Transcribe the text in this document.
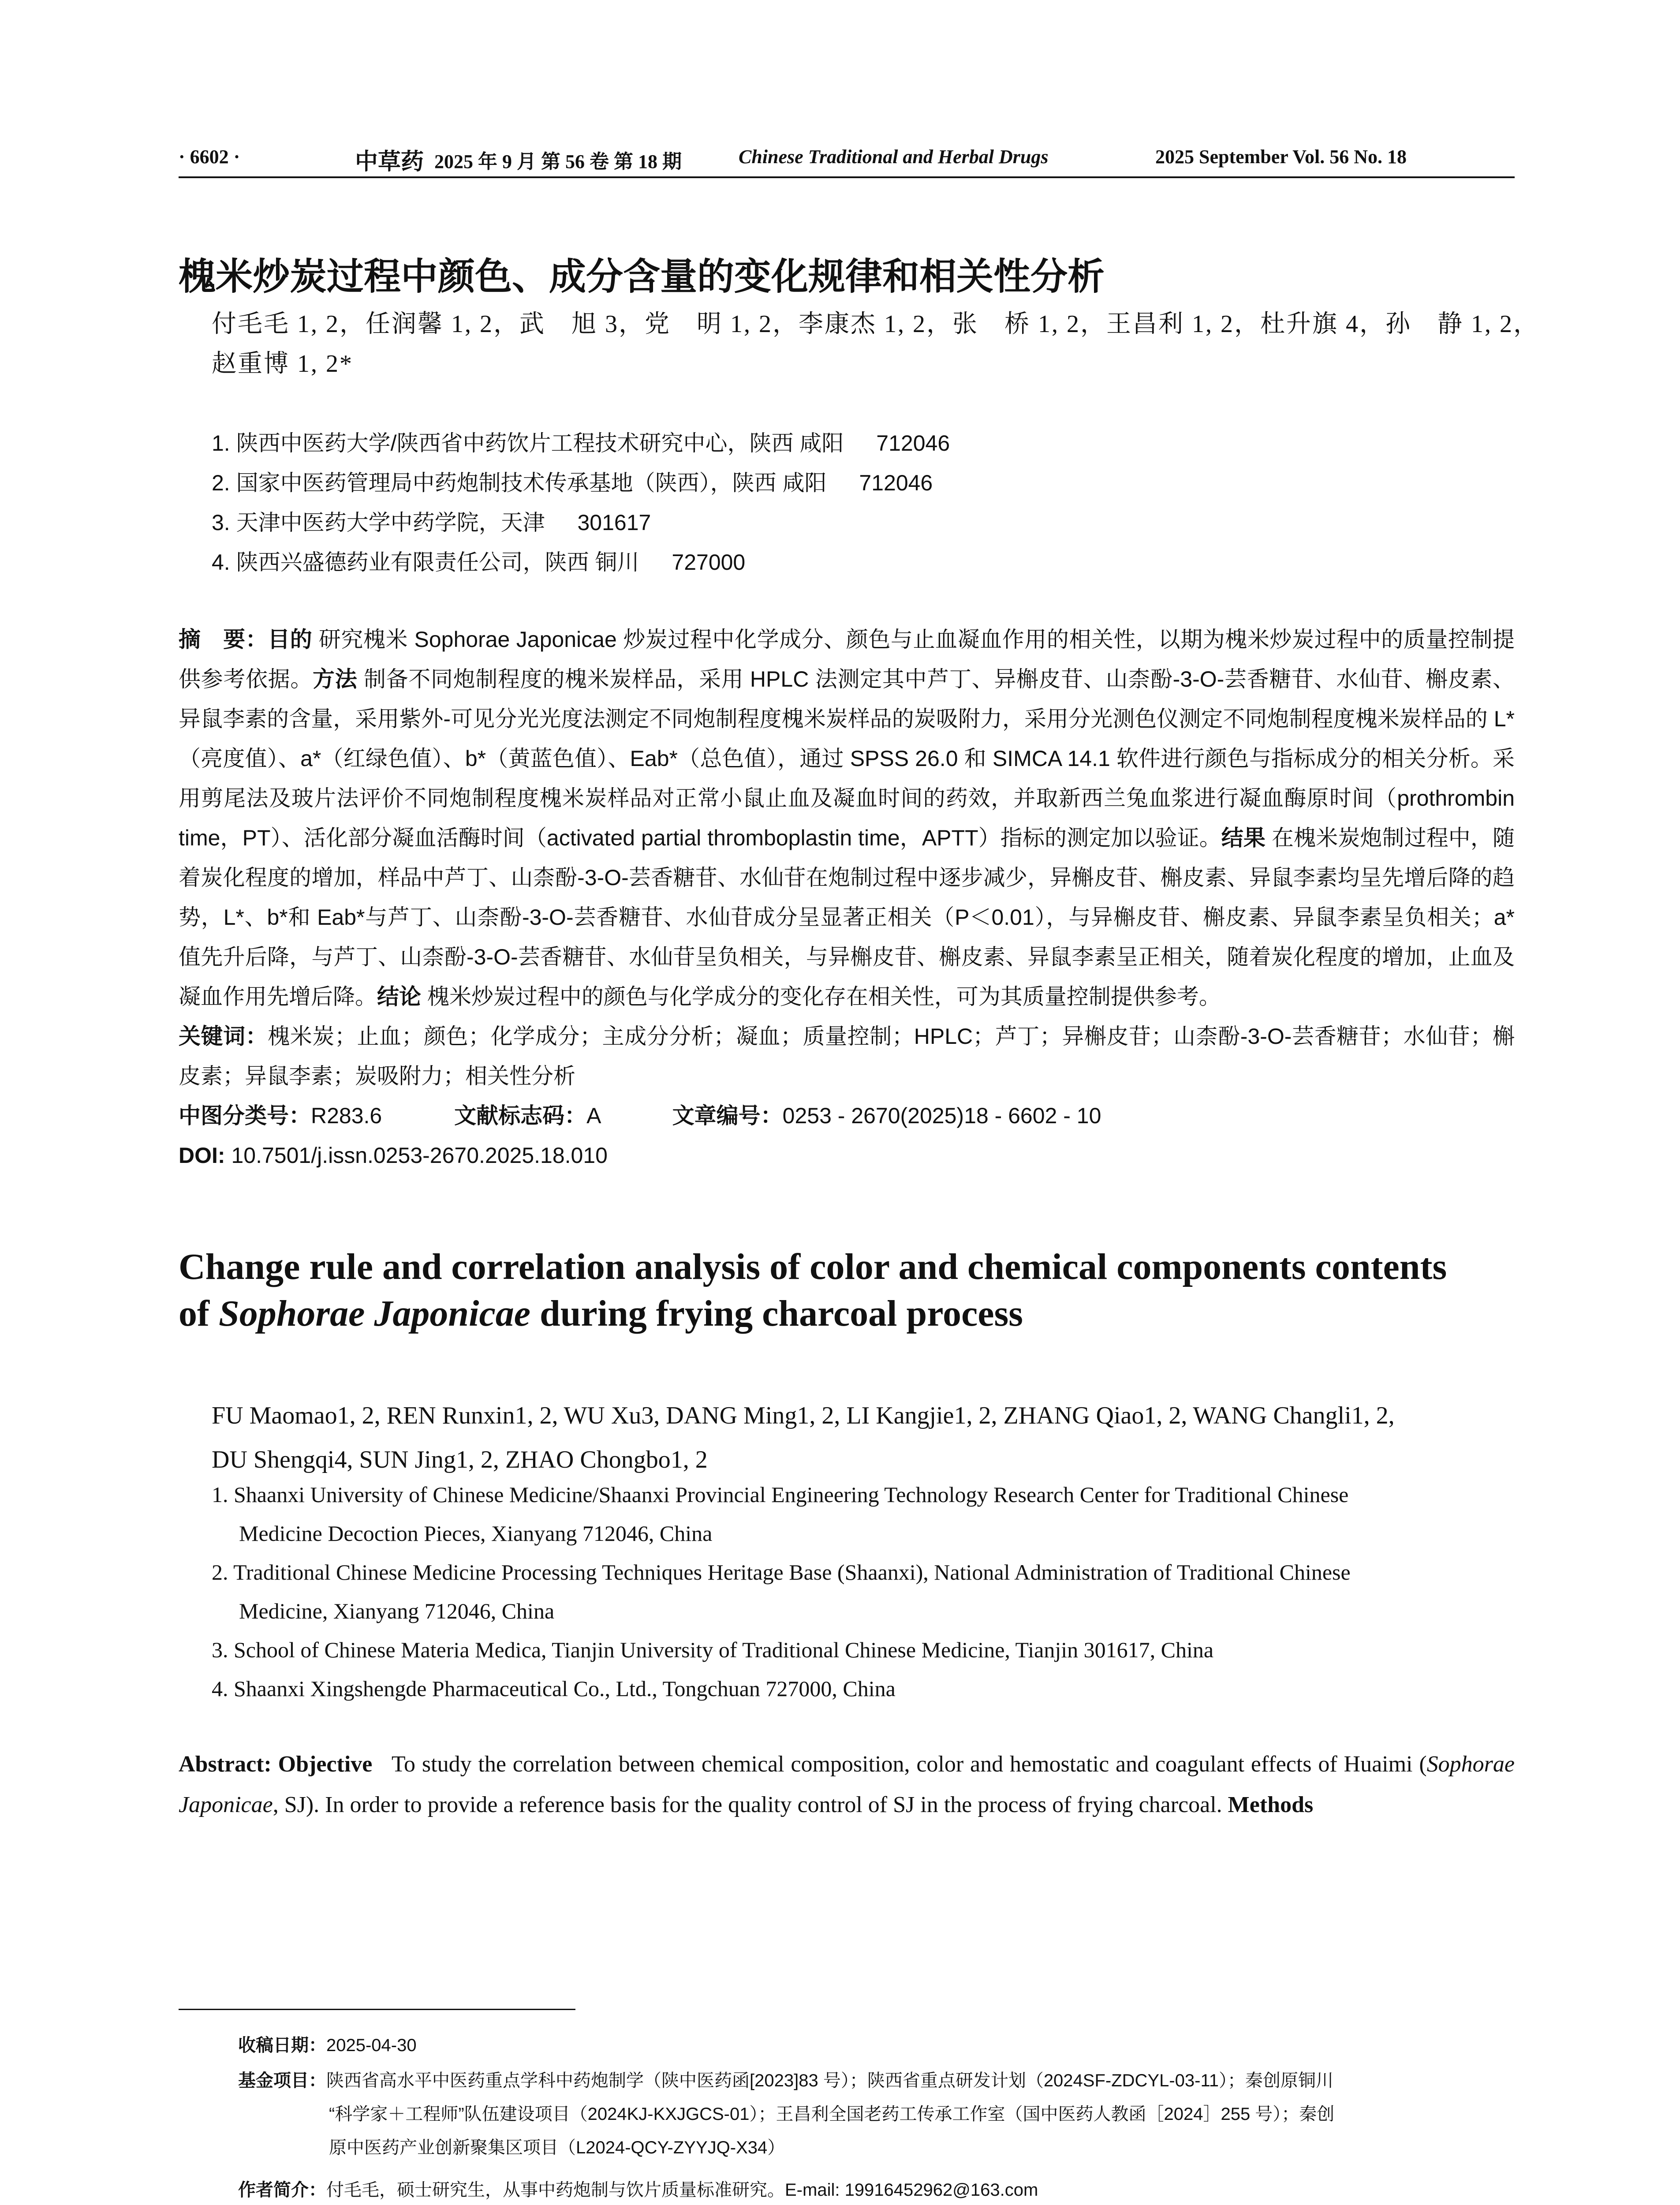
· 6602 ·	中草药 2025 年 9 月 第 56 卷 第 18 期	Chinese Traditional and Herbal Drugs	2025 September Vol. 56 No. 18
槐米炒炭过程中颜色、成分含量的变化规律和相关性分析
付毛毛 1, 2，任润馨 1, 2，武　旭 3，党　明 1, 2，李康杰 1, 2，张　桥 1, 2，王昌利 1, 2，杜升旗 4，孙　静 1, 2，
赵重博 1, 2*
1. 陕西中医药大学/陕西省中药饮片工程技术研究中心，陕西 咸阳 712046
2. 国家中医药管理局中药炮制技术传承基地（陕西），陕西 咸阳 712046
3. 天津中医药大学中药学院，天津 301617
4. 陕西兴盛德药业有限责任公司，陕西 铜川 727000

摘　要：目的 研究槐米 Sophorae Japonicae 炒炭过程中化学成分、颜色与止血凝血作用的相关性，以期为槐米炒炭过程中的质量控制提供参考依据。方法 制备不同炮制程度的槐米炭样品，采用 HPLC 法测定其中芦丁、异槲皮苷、山柰酚-3-O-芸香糖苷、水仙苷、槲皮素、异鼠李素的含量，采用紫外-可见分光光度法测定不同炮制程度槐米炭样品的炭吸附力，采用分光测色仪测定不同炮制程度槐米炭样品的 L*（亮度值）、a*（红绿色值）、b*（黄蓝色值）、Eab*（总色值），通过 SPSS 26.0 和 SIMCA 14.1 软件进行颜色与指标成分的相关分析。采用剪尾法及玻片法评价不同炮制程度槐米炭样品对正常小鼠止血及凝血时间的药效，并取新西兰兔血浆进行凝血酶原时间（prothrombin time，PT）、活化部分凝血活酶时间（activated partial thromboplastin time，APTT）指标的测定加以验证。结果 在槐米炭炮制过程中，随着炭化程度的增加，样品中芦丁、山柰酚-3-O-芸香糖苷、水仙苷在炮制过程中逐步减少，异槲皮苷、槲皮素、异鼠李素均呈先增后降的趋势，L*、b*和 Eab*与芦丁、山柰酚-3-O-芸香糖苷、水仙苷成分呈显著正相关（P＜0.01），与异槲皮苷、槲皮素、异鼠李素呈负相关；a*值先升后降，与芦丁、山柰酚-3-O-芸香糖苷、水仙苷呈负相关，与异槲皮苷、槲皮素、异鼠李素呈正相关，随着炭化程度的增加，止血及凝血作用先增后降。结论 槐米炒炭过程中的颜色与化学成分的变化存在相关性，可为其质量控制提供参考。

关键词：槐米炭；止血；颜色；化学成分；主成分分析；凝血；质量控制；HPLC；芦丁；异槲皮苷；山柰酚-3-O-芸香糖苷；水仙苷；槲皮素；异鼠李素；炭吸附力；相关性分析

中图分类号：R283.6	文献标志码：A	文章编号：0253 - 2670(2025)18 - 6602 - 10

DOI: 10.7501/j.issn.0253-2670.2025.18.010

Change rule and correlation analysis of color and chemical components contents
of Sophorae Japonicae during frying charcoal process
FU Maomao1, 2, REN Runxin1, 2, WU Xu3, DANG Ming1, 2, LI Kangjie1, 2, ZHANG Qiao1, 2, WANG Changli1, 2,
DU Shengqi4, SUN Jing1, 2, ZHAO Chongbo1, 2
1. Shaanxi University of Chinese Medicine/Shaanxi Provincial Engineering Technology Research Center for Traditional Chinese
Medicine Decoction Pieces, Xianyang 712046, China
2. Traditional Chinese Medicine Processing Techniques Heritage Base (Shaanxi), National Administration of Traditional Chinese
Medicine, Xianyang 712046, China
3. School of Chinese Materia Medica, Tianjin University of Traditional Chinese Medicine, Tianjin 301617, China
4. Shaanxi Xingshengde Pharmaceutical Co., Ltd., Tongchuan 727000, China
Abstract: Objective To study the correlation between chemical composition, color and hemostatic and coagulant effects of Huaimi (Sophorae Japonicae, SJ). In order to provide a reference basis for the quality control of SJ in the process of frying charcoal. Methods
收稿日期：2025-04-30
基金项目：陕西省高水平中医药重点学科中药炮制学（陕中医药函[2023]83 号）；陕西省重点研发计划（2024SF-ZDCYL-03-11）；秦创原铜川
“科学家＋工程师”队伍建设项目（2024KJ-KXJGCS-01）；王昌利全国老药工传承工作室（国中医药人教函［2024］255 号）；秦创
原中医药产业创新聚集区项目（L2024-QCY-ZYYJQ-X34）
作者简介：付毛毛，硕士研究生，从事中药炮制与饮片质量标准研究。E-mail: 19916452962@163.com
